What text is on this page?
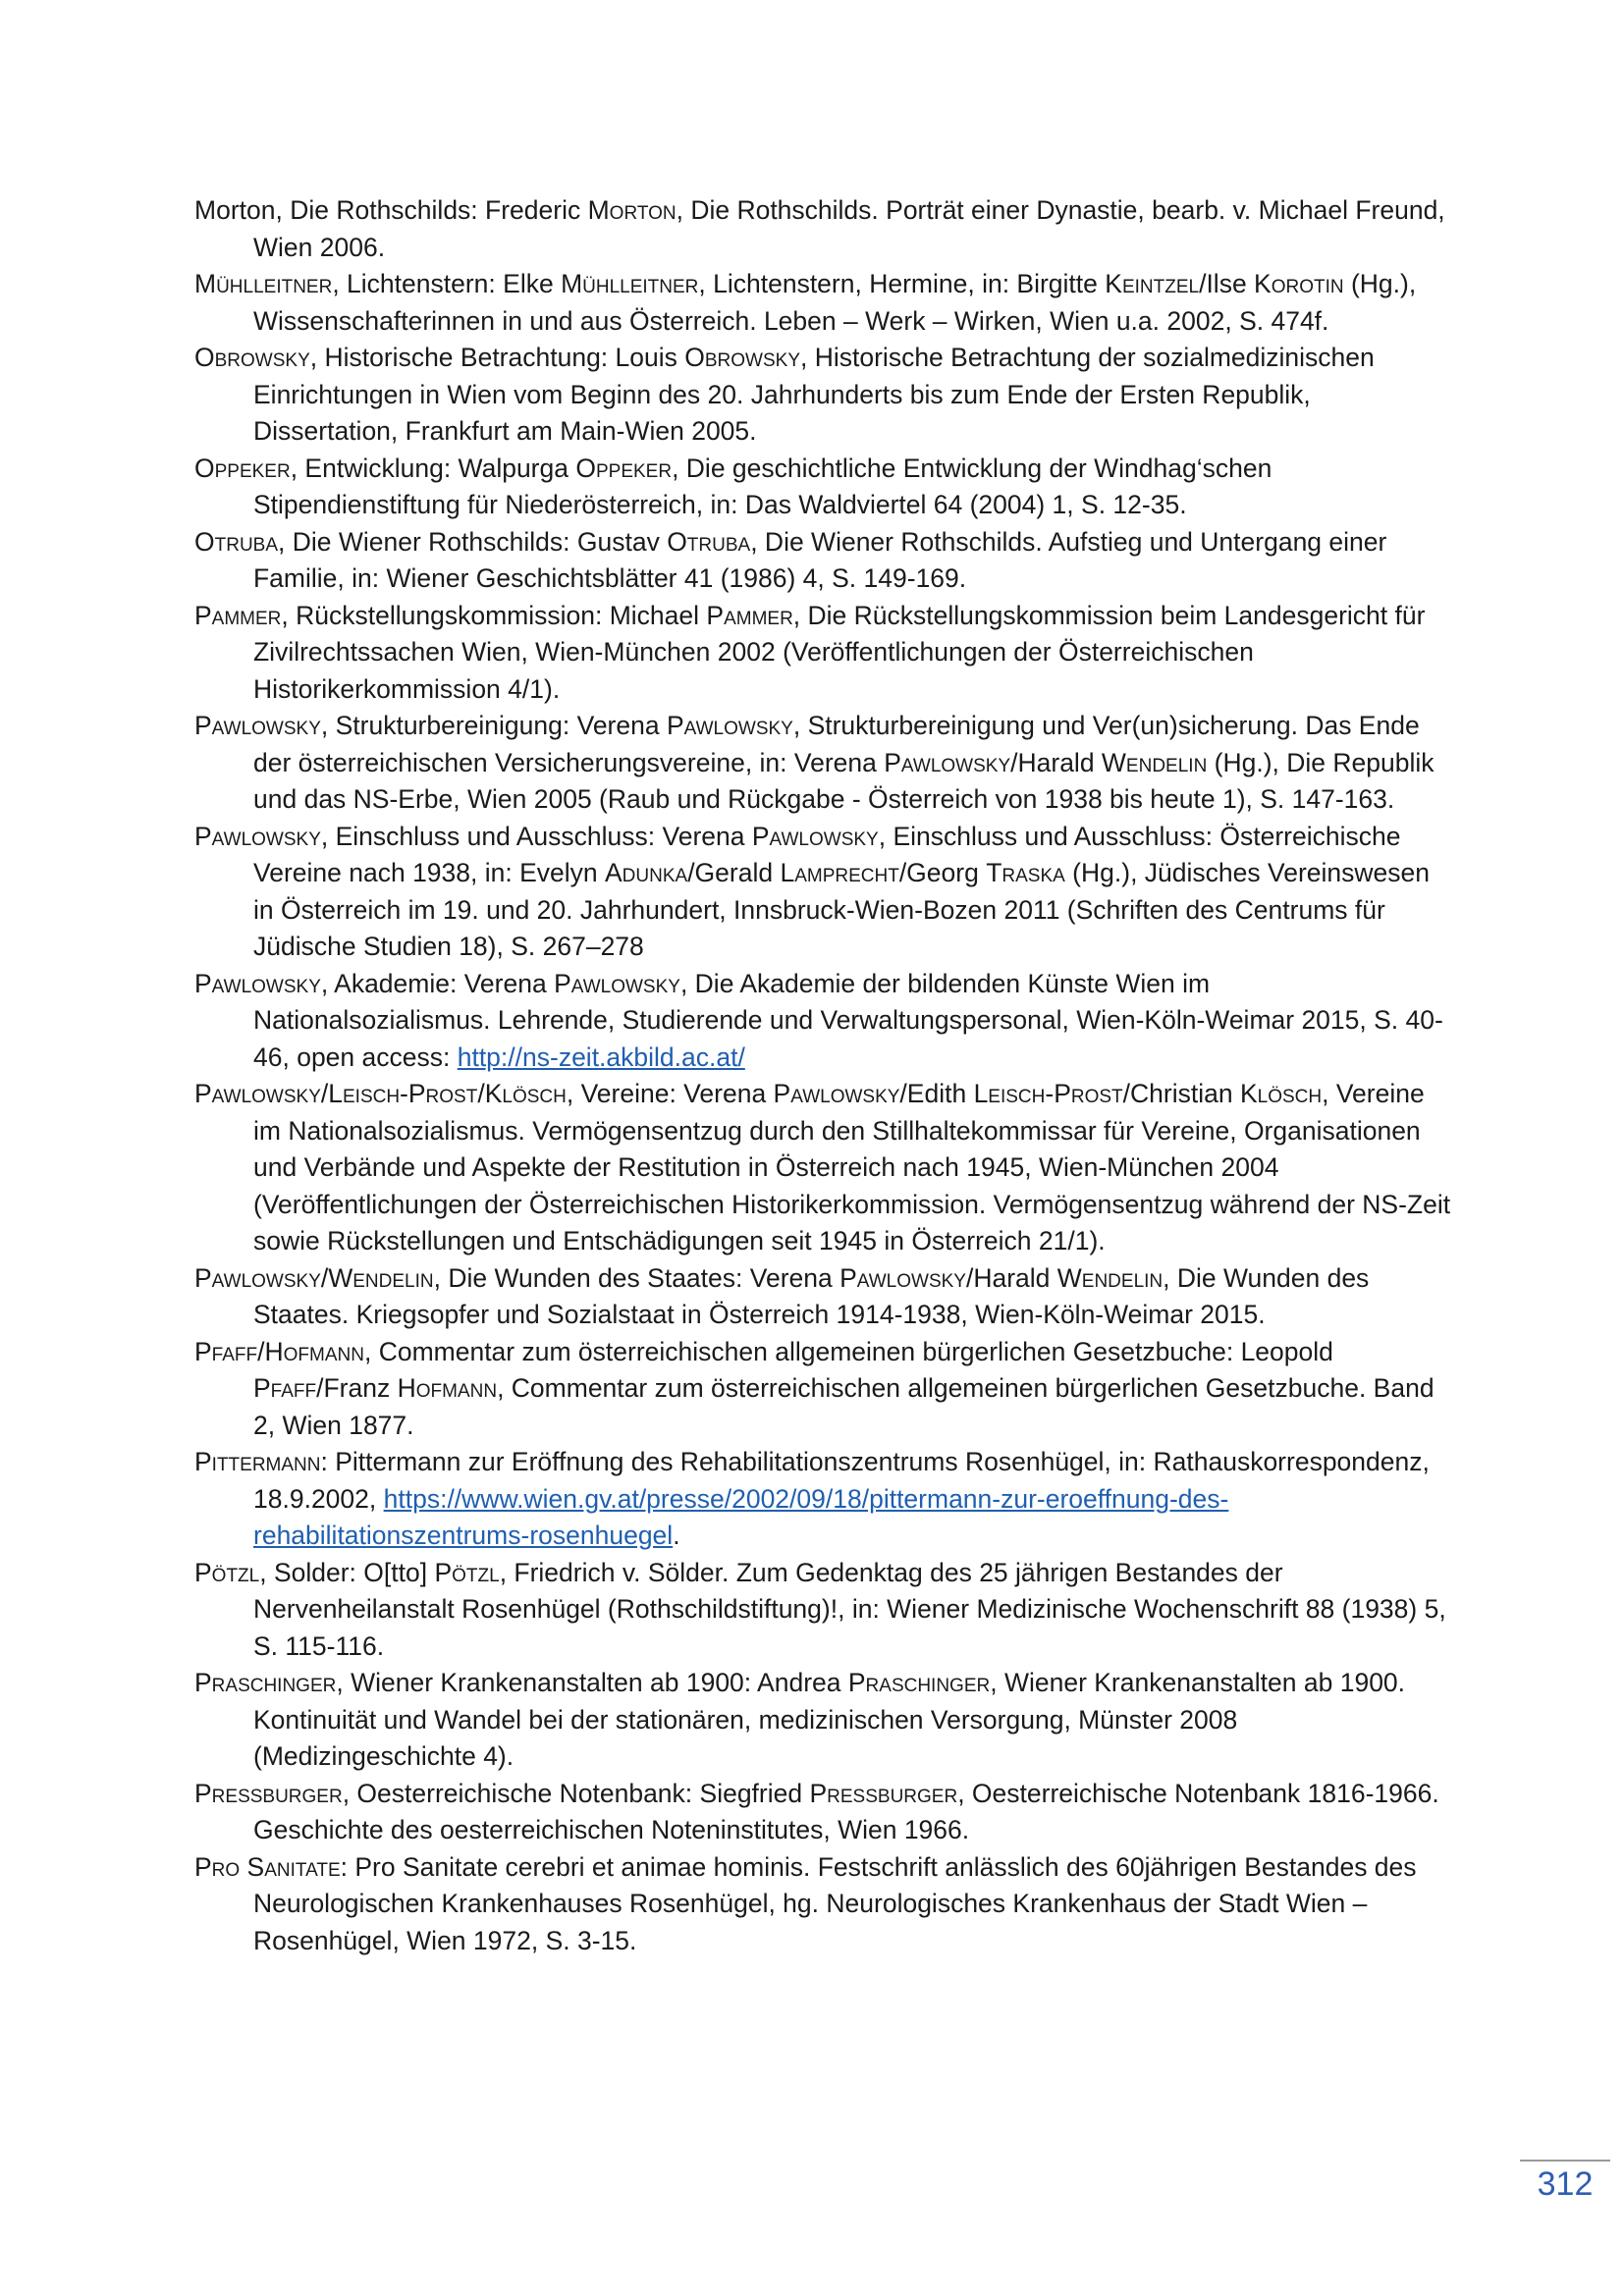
Morton, Die Rothschilds: Frederic Morton, Die Rothschilds. Porträt einer Dynastie, bearb. v. Michael Freund, Wien 2006.

Mühlleitner, Lichtenstern: Elke Mühlleitner, Lichtenstern, Hermine, in: Birgitte Keintzel/Ilse Korotin (Hg.), Wissenschafterinnen in und aus Österreich. Leben – Werk – Wirken, Wien u.a. 2002, S. 474f.

Obrowsky, Historische Betrachtung: Louis Obrowsky, Historische Betrachtung der sozialmedizinischen Einrichtungen in Wien vom Beginn des 20. Jahrhunderts bis zum Ende der Ersten Republik, Dissertation, Frankfurt am Main-Wien 2005.

Oppeker, Entwicklung: Walpurga Oppeker, Die geschichtliche Entwicklung der Windhag‘schen Stipendienstiftung für Niederösterreich, in: Das Waldviertel 64 (2004) 1, S. 12-35.

Otruba, Die Wiener Rothschilds: Gustav Otruba, Die Wiener Rothschilds. Aufstieg und Untergang einer Familie, in: Wiener Geschichtsblätter 41 (1986) 4, S. 149-169.

Pammer, Rückstellungskommission: Michael Pammer, Die Rückstellungskommission beim Landesgericht für Zivilrechtssachen Wien, Wien-München 2002 (Veröffentlichungen der Österreichischen Historikerkommission 4/1).

Pawlowsky, Strukturbereinigung: Verena Pawlowsky, Strukturbereinigung und Ver(un)sicherung. Das Ende der österreichischen Versicherungsvereine, in: Verena Pawlowsky/Harald Wendelin (Hg.), Die Republik und das NS-Erbe, Wien 2005 (Raub und Rückgabe - Österreich von 1938 bis heute 1), S. 147-163.

Pawlowsky, Einschluss und Ausschluss: Verena Pawlowsky, Einschluss und Ausschluss: Österreichische Vereine nach 1938, in: Evelyn Adunka/Gerald Lamprecht/Georg Traska (Hg.), Jüdisches Vereinswesen in Österreich im 19. und 20. Jahrhundert, Innsbruck-Wien-Bozen 2011 (Schriften des Centrums für Jüdische Studien 18), S. 267–278

Pawlowsky, Akademie: Verena Pawlowsky, Die Akademie der bildenden Künste Wien im Nationalsozialismus. Lehrende, Studierende und Verwaltungspersonal, Wien-Köln-Weimar 2015, S. 40-46, open access: http://ns-zeit.akbild.ac.at/

Pawlowsky/Leisch-Prost/Klösch, Vereine: Verena Pawlowsky/Edith Leisch-Prost/Christian Klösch, Vereine im Nationalsozialismus. Vermögensentzug durch den Stillhaltekommissar für Vereine, Organisationen und Verbände und Aspekte der Restitution in Österreich nach 1945, Wien-München 2004 (Veröffentlichungen der Österreichischen Historikerkommission. Vermögensentzug während der NS-Zeit sowie Rückstellungen und Entschädigungen seit 1945 in Österreich 21/1).

Pawlowsky/Wendelin, Die Wunden des Staates: Verena Pawlowsky/Harald Wendelin, Die Wunden des Staates. Kriegsopfer und Sozialstaat in Österreich 1914-1938, Wien-Köln-Weimar 2015.

Pfaff/Hofmann, Commentar zum österreichischen allgemeinen bürgerlichen Gesetzbuche: Leopold Pfaff/Franz Hofmann, Commentar zum österreichischen allgemeinen bürgerlichen Gesetzbuche. Band 2, Wien 1877.

Pittermann: Pittermann zur Eröffnung des Rehabilitationszentrums Rosenhügel, in: Rathauskorrespondenz, 18.9.2002, https://www.wien.gv.at/presse/2002/09/18/pittermann-zur-eroeffnung-des-rehabilitationszentrums-rosenhuegel.

Pötzl, Solder: O[tto] Pötzl, Friedrich v. Sölder. Zum Gedenktag des 25 jährigen Bestandes der Nervenheilanstalt Rosenhügel (Rothschildstiftung)!, in: Wiener Medizinische Wochenschrift 88 (1938) 5, S. 115-116.

Praschinger, Wiener Krankenanstalten ab 1900: Andrea Praschinger, Wiener Krankenanstalten ab 1900. Kontinuität und Wandel bei der stationären, medizinischen Versorgung, Münster 2008 (Medizingeschichte 4).

Pressburger, Oesterreichische Notenbank: Siegfried Pressburger, Oesterreichische Notenbank 1816-1966. Geschichte des oesterreichischen Noteninstitutes, Wien 1966.

Pro Sanitate: Pro Sanitate cerebri et animae hominis. Festschrift anlässlich des 60jährigen Bestandes des Neurologischen Krankenhauses Rosenhügel, hg. Neurologisches Krankenhaus der Stadt Wien – Rosenhügel, Wien 1972, S. 3-15.

312
